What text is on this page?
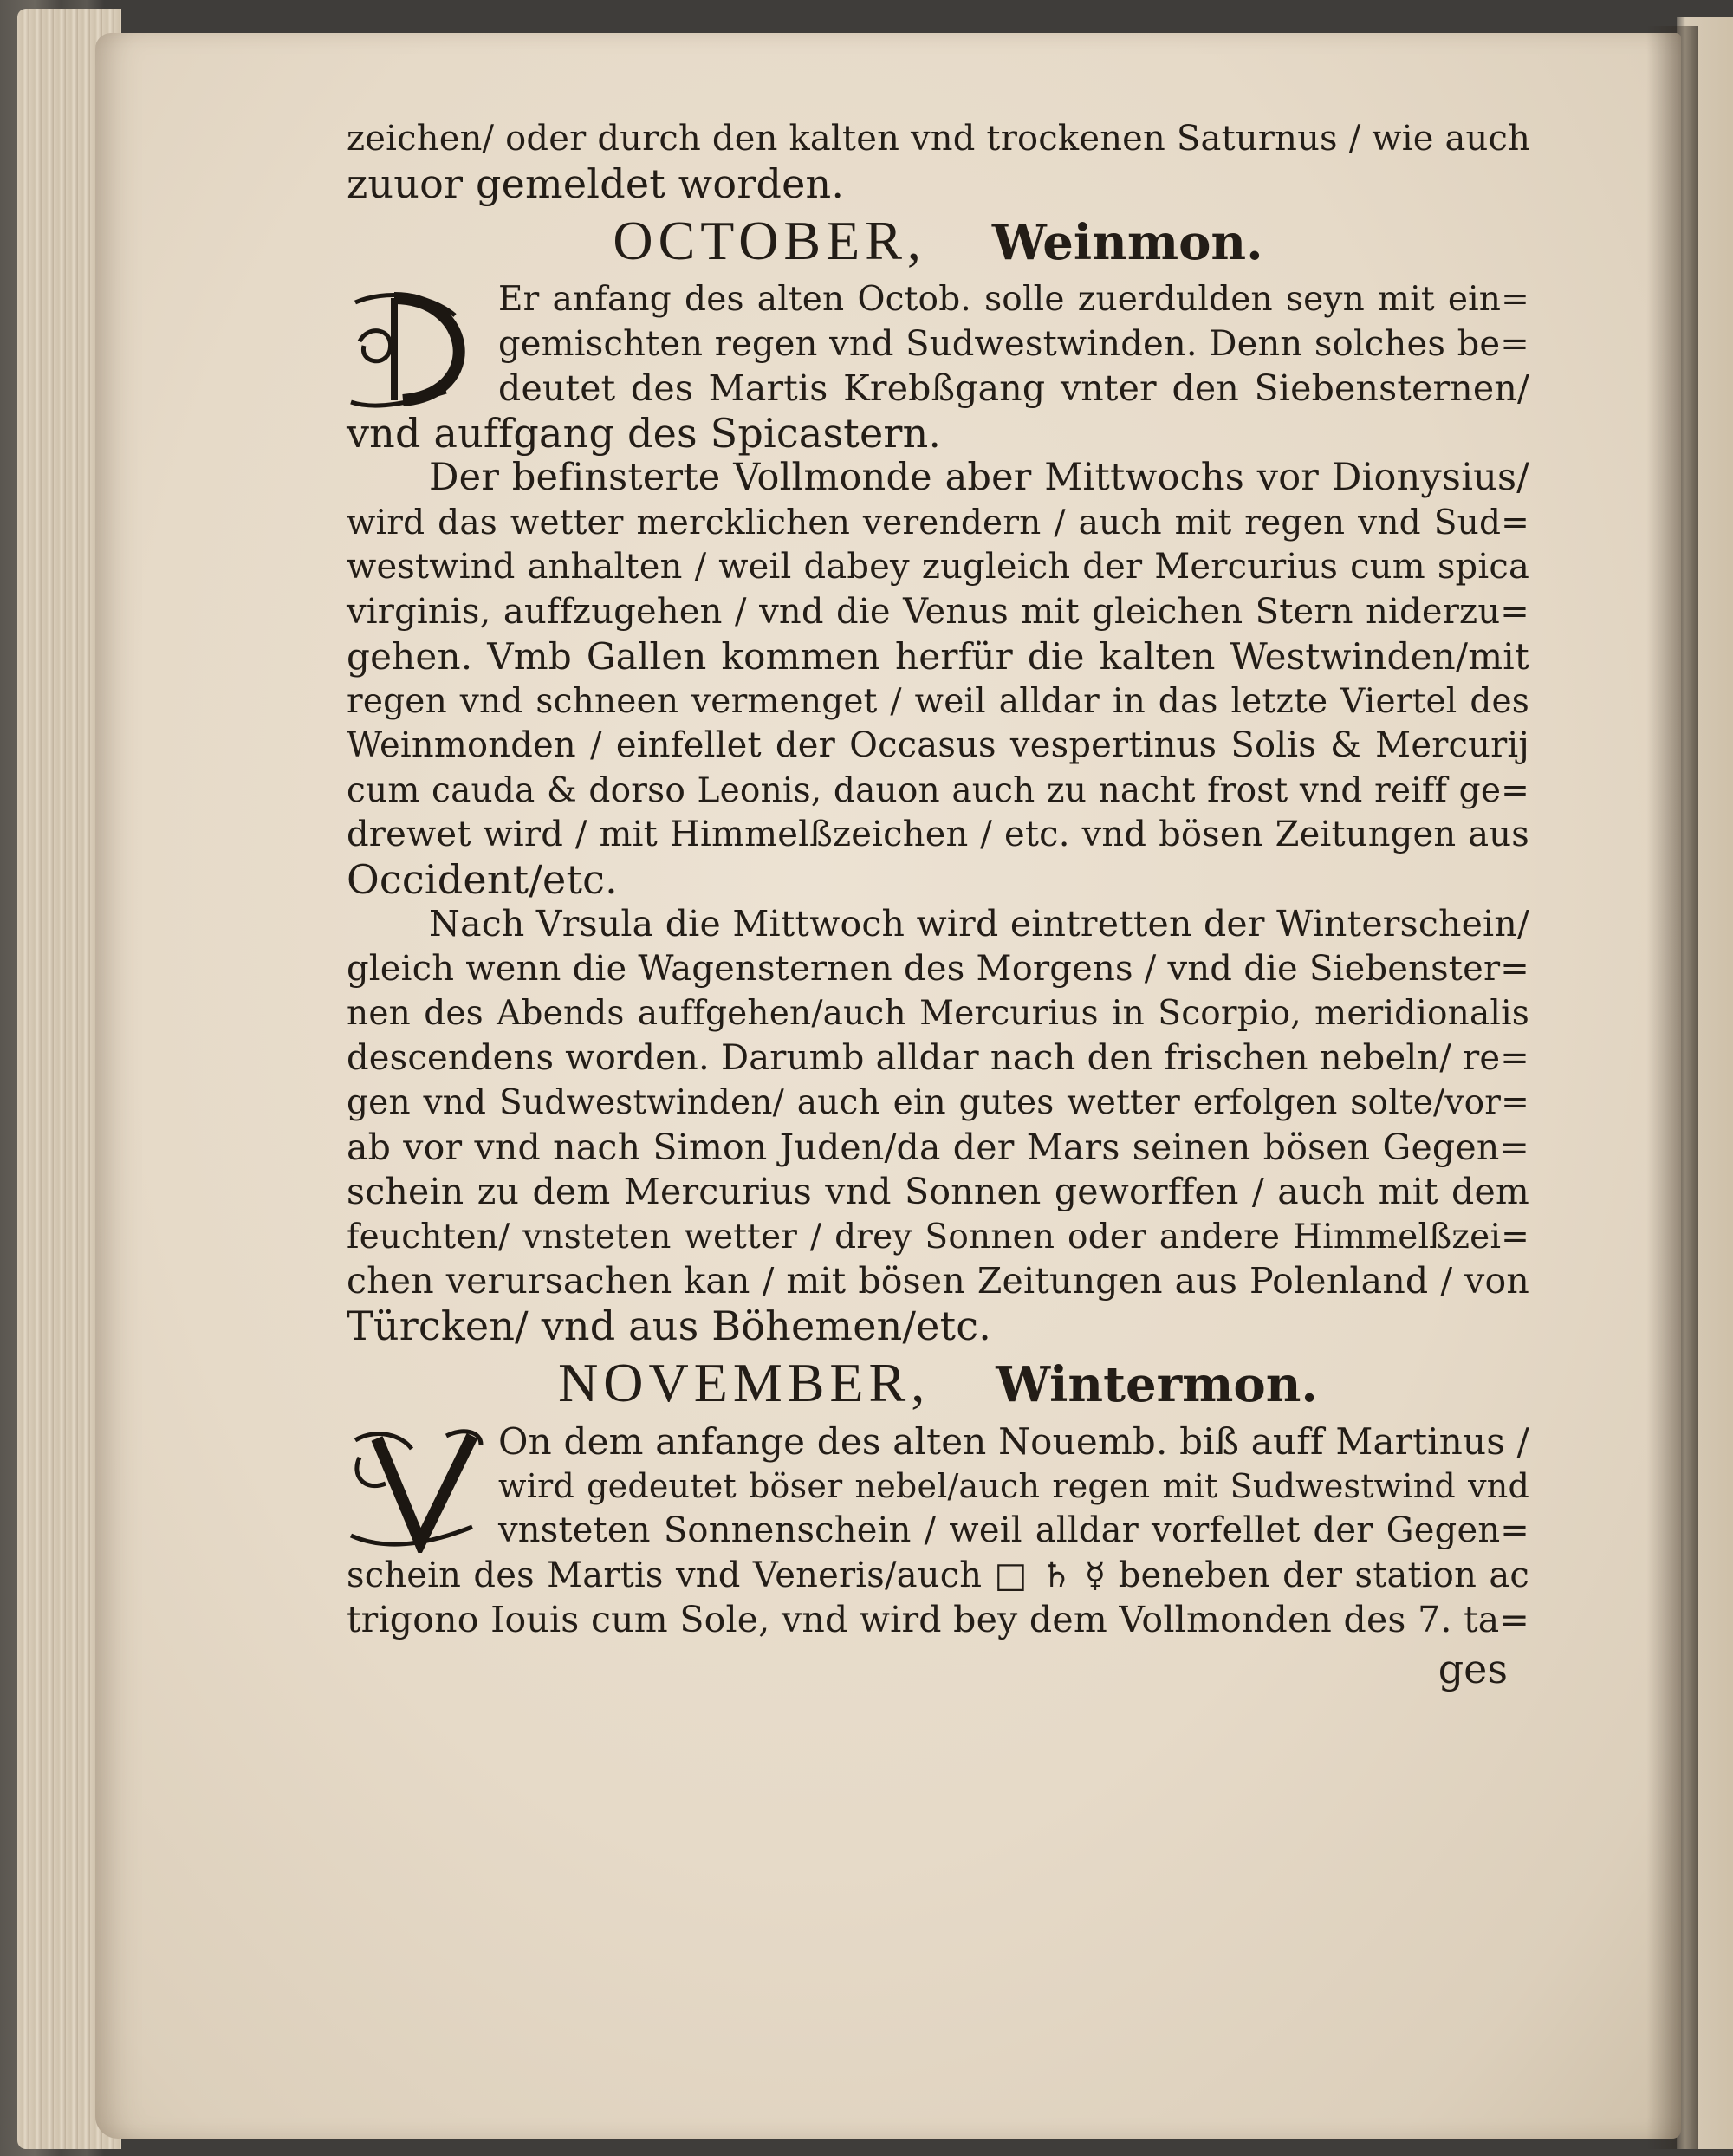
zeichen/ oder durch den kalten vnd trockenen Saturnus / wie auch
zuuor gemeldet worden.
OCTOBER, Weinmon.
Er anfang des alten Octob. solle zuerdulden seyn mit ein=
gemischten regen vnd Sudwestwinden. Denn solches be=
deutet des Martis Krebßgang vnter den Siebensternen/
vnd auffgang des Spicastern.
Der befinsterte Vollmonde aber Mittwochs vor Dionysius/
wird das wetter mercklichen verendern / auch mit regen vnd Sud=
westwind anhalten / weil dabey zugleich der Mercurius cum spica
virginis, auffzugehen / vnd die Venus mit gleichen Stern niderzu=
gehen. Vmb Gallen kommen herfür die kalten Westwinden/mit
regen vnd schneen vermenget / weil alldar in das letzte Viertel des
Weinmonden / einfellet der Occasus vespertinus Solis & Mercurij
cum cauda & dorso Leonis, dauon auch zu nacht frost vnd reiff ge=
drewet wird / mit Himmelßzeichen / etc. vnd bösen Zeitungen aus
Occident/etc.
Nach Vrsula die Mittwoch wird eintretten der Winterschein/
gleich wenn die Wagensternen des Morgens / vnd die Siebenster=
nen des Abends auffgehen/auch Mercurius in Scorpio, meridionalis
descendens worden. Darumb alldar nach den frischen nebeln/ re=
gen vnd Sudwestwinden/ auch ein gutes wetter erfolgen solte/vor=
ab vor vnd nach Simon Juden/da der Mars seinen bösen Gegen=
schein zu dem Mercurius vnd Sonnen geworffen / auch mit dem
feuchten/ vnsteten wetter / drey Sonnen oder andere Himmelßzei=
chen verursachen kan / mit bösen Zeitungen aus Polenland / von
Türcken/ vnd aus Böhemen/etc.
NOVEMBER, Wintermon.
On dem anfange des alten Nouemb. biß auff Martinus /
wird gedeutet böser nebel/auch regen mit Sudwestwind vnd
vnsteten Sonnenschein / weil alldar vorfellet der Gegen=
schein des Martis vnd Veneris/auch □ ♄ ☿ beneben der station ac
trigono Iouis cum Sole, vnd wird bey dem Vollmonden des 7. ta=
ges
